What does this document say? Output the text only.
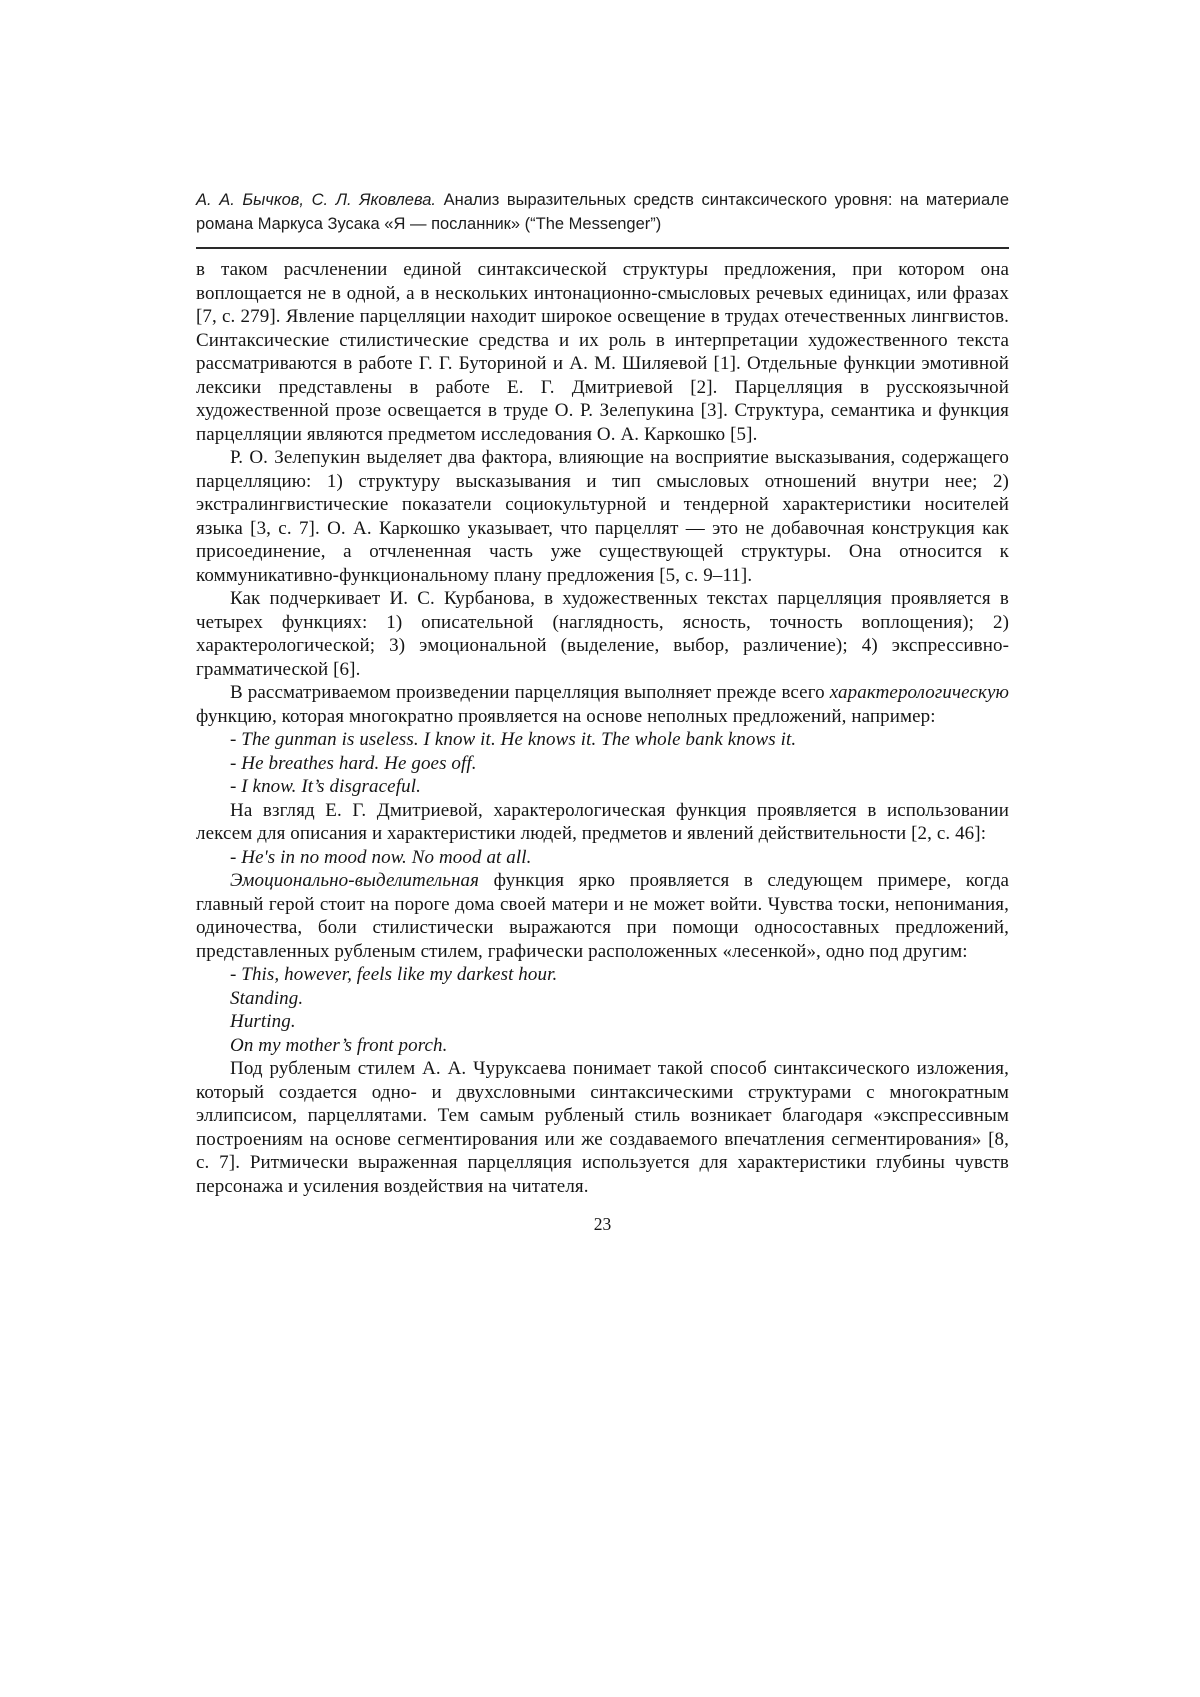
А. А. Бычков, С. Л. Яковлева. Анализ выразительных средств синтаксического уровня: на материале романа Маркуса Зусака «Я — посланник» (“The Messenger”)

в таком расчленении единой синтаксической структуры предложения, при котором она воплощается не в одной, а в нескольких интонационно-смысловых речевых единицах, или фразах [7, с. 279]. Явление парцелляции находит широкое освещение в трудах отечественных лингвистов. Синтаксические стилистические средства и их роль в интерпретации художественного текста рассматриваются в работе Г. Г. Буториной и А. М. Шиляевой [1]. Отдельные функции эмотивной лексики представлены в работе Е. Г. Дмитриевой [2]. Парцелляция в русскоязычной художественной прозе освещается в труде О. Р. Зелепукина [3]. Структура, семантика и функция парцелляции являются предметом исследования О. А. Каркошко [5].

Р. О. Зелепукин выделяет два фактора, влияющие на восприятие высказывания, содержащего парцелляцию: 1) структуру высказывания и тип смысловых отношений внутри нее; 2) экстралингвистические показатели социокультурной и тендерной характеристики носителей языка [3, с. 7]. О. А. Каркошко указывает, что парцеллят — это не добавочная конструкция как присоединение, а отчлененная часть уже существующей структуры. Она относится к коммуникативно-функциональному плану предложения [5, с. 9–11].

Как подчеркивает И. С. Курбанова, в художественных текстах парцелляция проявляется в четырех функциях: 1) описательной (наглядность, ясность, точность воплощения); 2) характерологической; 3) эмоциональной (выделение, выбор, различение); 4) экспрессивно-грамматической [6].

В рассматриваемом произведении парцелляция выполняет прежде всего характерологическую функцию, которая многократно проявляется на основе неполных предложений, например:

- The gunman is useless. I know it. He knows it. The whole bank knows it.

- He breathes hard. He goes off.

- I know. It’s disgraceful.

На взгляд Е. Г. Дмитриевой, характерологическая функция проявляется в использовании лексем для описания и характеристики людей, предметов и явлений действительности [2, с. 46]:

- He's in no mood now. No mood at all.

Эмоционально-выделительная функция ярко проявляется в следующем примере, когда главный герой стоит на пороге дома своей матери и не может войти. Чувства тоски, непонимания, одиночества, боли стилистически выражаются при помощи односоставных предложений, представленных рубленым стилем, графически расположенных «лесенкой», одно под другим:

- This, however, feels like my darkest hour.

Standing.

Hurting.

On my mother’s front porch.

Под рубленым стилем А. А. Чуруксаева понимает такой способ синтаксического изложения, который создается одно- и двухсловными синтаксическими структурами с многократным эллипсисом, парцеллятами. Тем самым рубленый стиль возникает благодаря «экспрессивным построениям на основе сегментирования или же создаваемого впечатления сегментирования» [8, с. 7]. Ритмически выраженная парцелляция используется для характеристики глубины чувств персонажа и усиления воздействия на читателя.

23
